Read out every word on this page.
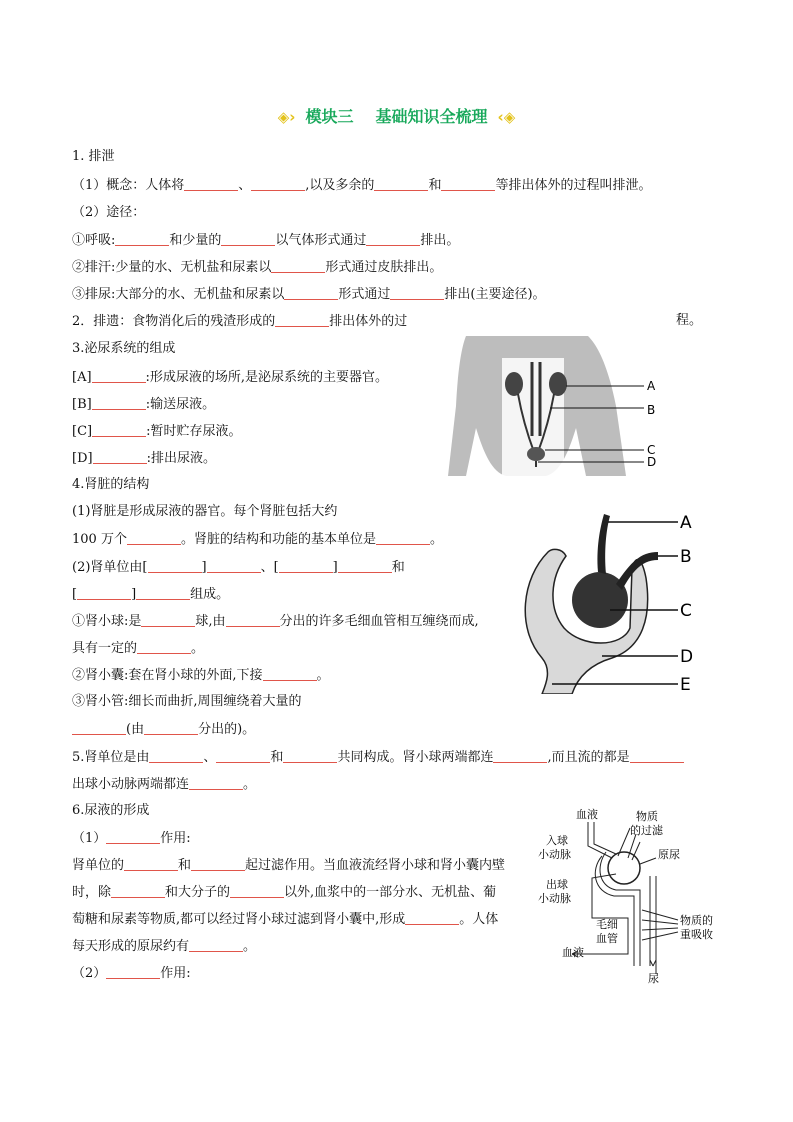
◈› 模块三 基础知识全梳理 ‹◈
1. 排泄
（1）概念：人体将	、	,以及多余的	和	等排出体外的过程叫排泄。
（2）途径：
①呼吸:	和少量的	以气体形式通过	排出。
②排汗:少量的水、无机盐和尿素以	形式通过皮肤排出。
③排尿:大部分的水、无机盐和尿素以	形式通过	排出(主要途径)。
2．排遗：食物消化后的残渣形成的	排出体外的过	程。
3.泌尿系统的组成
[A]	:形成尿液的场所,是泌尿系统的主要器官。
[B]	:输送尿液。
[C]	:暂时贮存尿液。
[D]	:排出尿液。
A
B
C
D
4.肾脏的结构
(1)肾脏是形成尿液的器官。每个肾脏包括大约
100 万个	。肾脏的结构和功能的基本单位是	。
(2)肾单位由[	]	、[	]	和
[	]	组成。
①肾小球:是	球,由	分出的许多毛细血管相互缠绕而成,
具有一定的	。
②肾小囊:套在肾小球的外面,下接	。
③肾小管:细长而曲折,周围缠绕着大量的
(由	分出的)。
A
B
C
D
E
5.肾单位是由	、	和	共同构成。肾小球两端都连	,而且流的都是
出球小动脉两端都连	。
6.尿液的形成
（1）	作用:
肾单位的	和	起过滤作用。当血液流经肾小球和肾小囊内壁
时，除	和大分子的	以外,血浆中的一部分水、无机盐、葡
萄糖和尿素等物质,都可以经过肾小球过滤到肾小囊中,形成	。人体
每天形成的原尿约有	。
（2）	作用:
血液
入球
小动脉
物质
的过滤
原尿
出球
小动脉
毛细
血管
物质的
重吸收
血液
尿
